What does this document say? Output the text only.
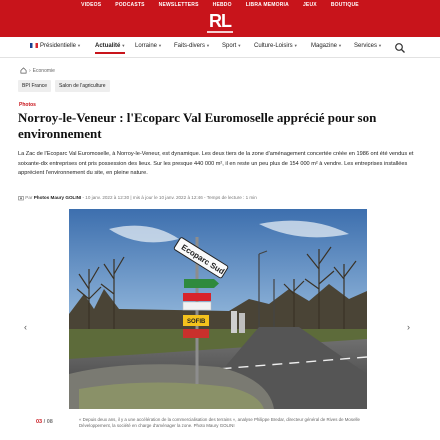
VIDEOS	PODCASTS	NEWSLETTERS	HEBDO	LIBRA MEMORIA	JEUX	BOUTIQUE
RL
Présidentielle▼ Actualité▼ Lorraine▼ Faits-divers▼ Sport▼ Culture-Loisirs▼ Magazine▼ Services▼
› Economie
BPI France	Salon de l'agriculture
Photos
Norroy-le-Veneur : l'Ecoparc Val Euromoselle apprécié pour son environnement

La Zac de l'Ecoparc Val Euromoselle, à Norroy-le-Veneur, est dynamique. Les deux tiers de la zone d'aménagement concertée créée en 1986 ont été vendus et soixante-dix entreprises ont pris possession des lieux. Sur les presque 440 000 m², il en reste un peu plus de 154 000 m² à vendre. Les entreprises installées apprécient l'environnement du site, en pleine nature.

Par Photos Maury GOLINI - 10 janv. 2022 à 12:30 | mis à jour le 10 janv. 2022 à 12:46 - Temps de lecture : 1 min
Ecoparc Sud
SOFIB
‹	›
03 / 08	« Depuis deux ans, il y a une accélération de la commercialisation des terrains », analyse Philippe Bredar, directeur général de Rives de Moselle Développement, la société en charge d'aménager la zone. Photo Maury GOLINI
